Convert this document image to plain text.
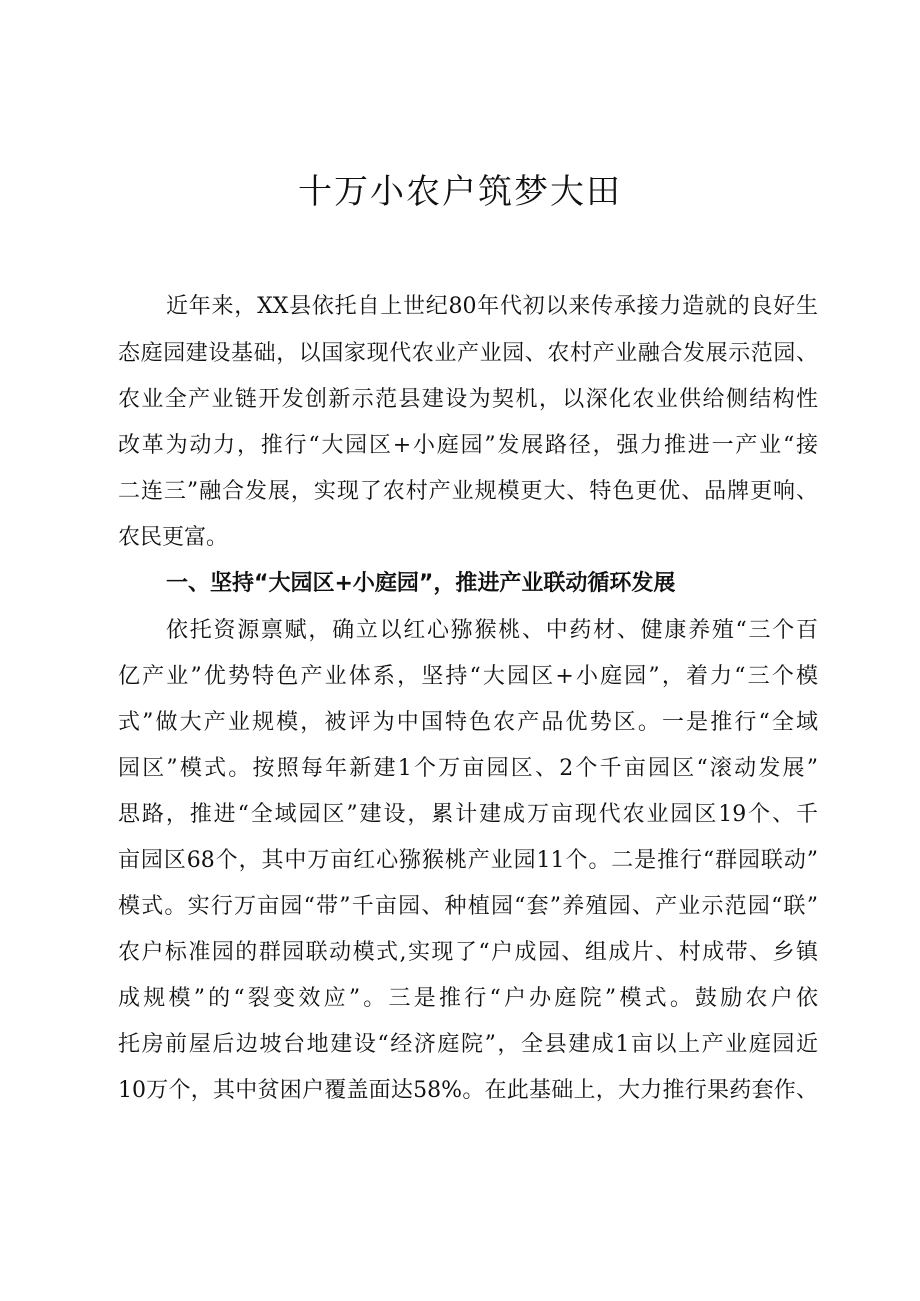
十万小农户筑梦大田

近年来，XX县依托自上世纪80年代初以来传承接力造就的良好生

态庭园建设基础，以国家现代农业产业园、农村产业融合发展示范园、

农业全产业链开发创新示范县建设为契机，以深化农业供给侧结构性

改革为动力，推行“大园区+小庭园”发展路径，强力推进一产业“接

二连三”融合发展，实现了农村产业规模更大、特色更优、品牌更响、

农民更富。

一、坚持“大园区+小庭园”，推进产业联动循环发展

依托资源禀赋，确立以红心猕猴桃、中药材、健康养殖“三个百

亿产业”优势特色产业体系，坚持“大园区+小庭园”，着力“三个模

式”做大产业规模，被评为中国特色农产品优势区。一是推行“全域

园区”模式。按照每年新建1个万亩园区、2个千亩园区“滚动发展”

思路，推进“全域园区”建设，累计建成万亩现代农业园区19个、千

亩园区68个，其中万亩红心猕猴桃产业园11个。二是推行“群园联动”

模式。实行万亩园“带”千亩园、种植园“套”养殖园、产业示范园“联”

农户标准园的群园联动模式,实现了“户成园、组成片、村成带、乡镇

成规模”的“裂变效应”。三是推行“户办庭院”模式。鼓励农户依

托房前屋后边坡台地建设“经济庭院”，全县建成1亩以上产业庭园近

10万个，其中贫困户覆盖面达58%。在此基础上，大力推行果药套作、
